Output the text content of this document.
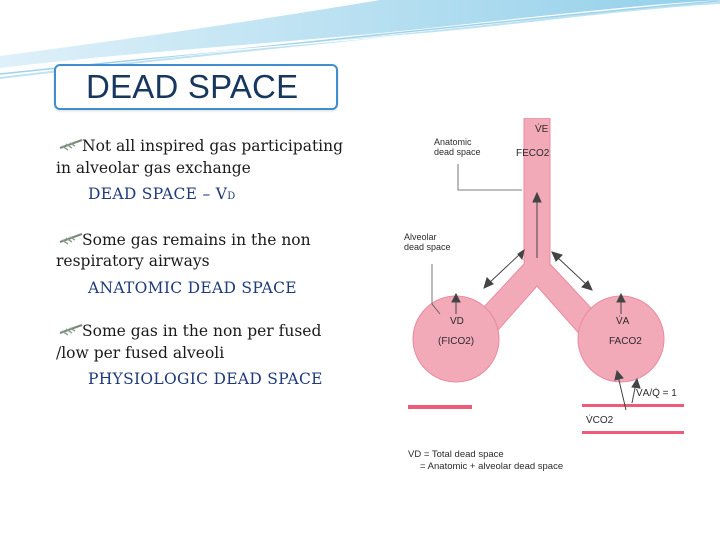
DEAD SPACE
Not all inspired gas participating in alveolar gas exchange
DEAD SPACE – VD
Some gas remains in the non respiratory airways
ANATOMIC DEAD SPACE
Some gas in the non per fused /low per fused alveoli
PHYSIOLOGIC DEAD SPACE
Anatomic
dead space
V̇E
FECO2
Alveolar
dead space
VD
(FICO2)
V̇A
FACO2
V̇A/Q̇ = 1
V̇CO2
VD = Total dead space
= Anatomic + alveolar dead space
